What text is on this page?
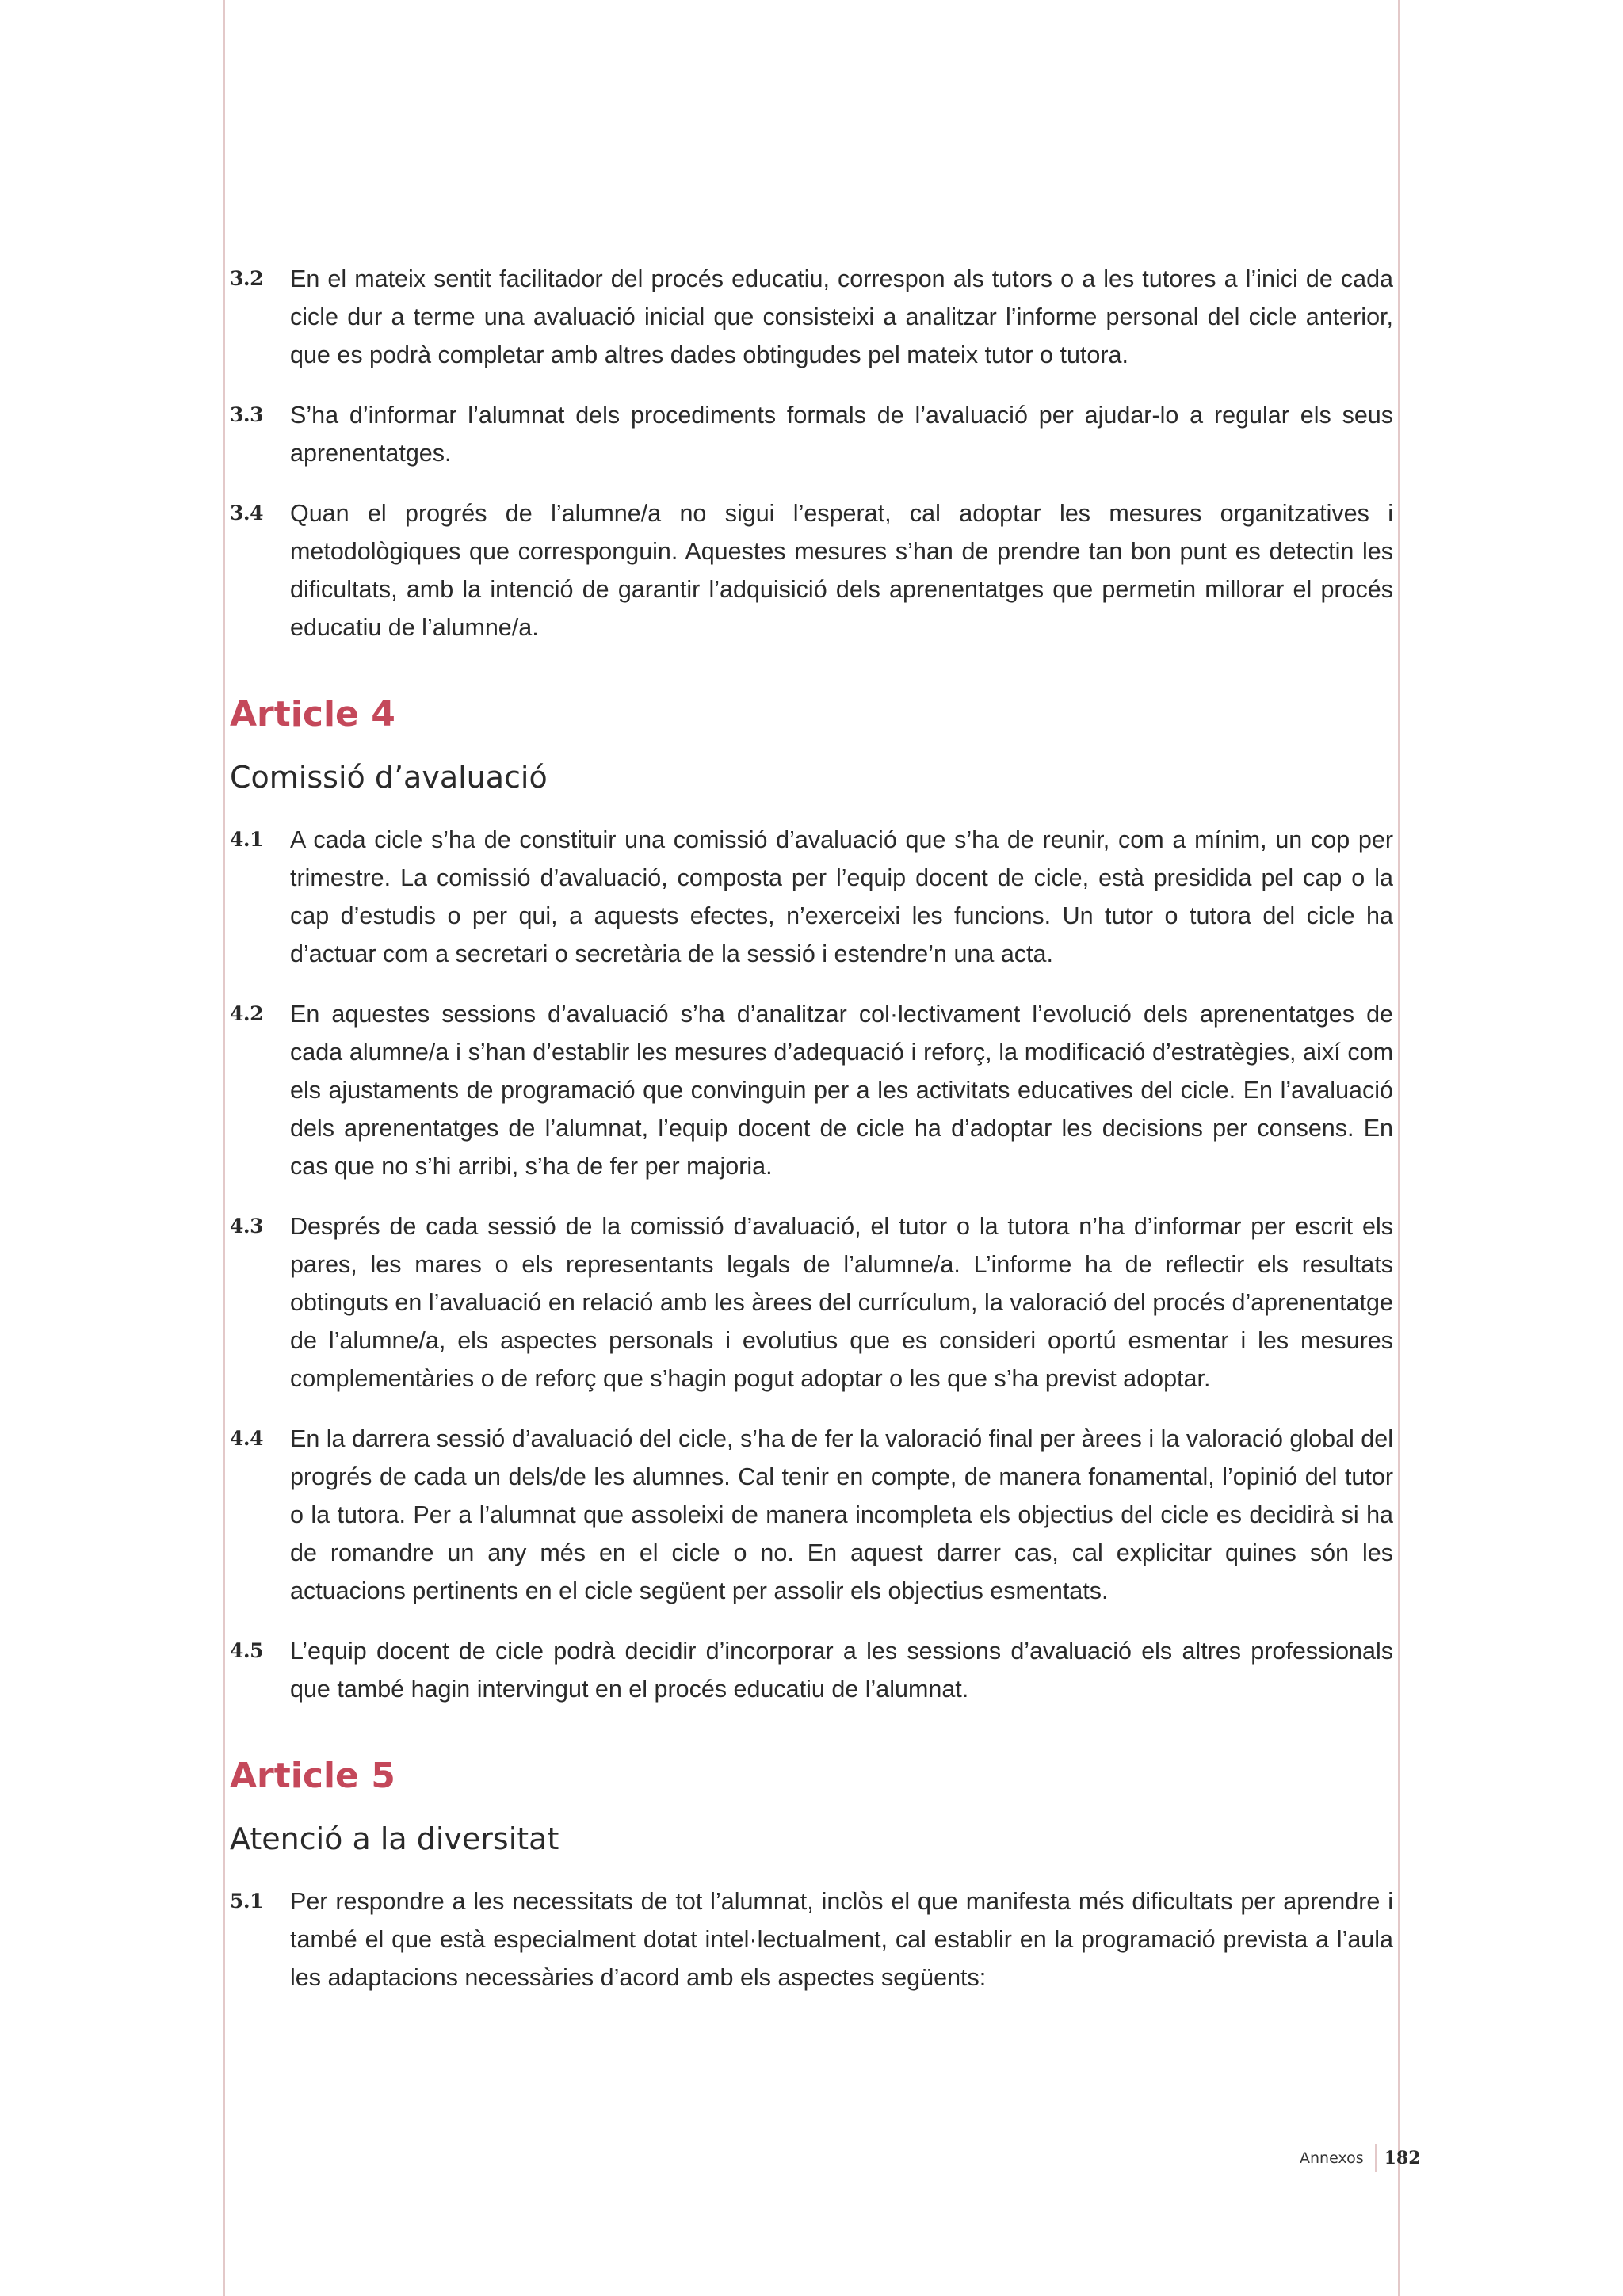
3.2 En el mateix sentit facilitador del procés educatiu, correspon als tutors o a les tutores a l’inici de cada cicle dur a terme una avaluació inicial que consisteixi a analitzar l’informe personal del cicle anterior, que es podrà completar amb altres dades obtingudes pel mateix tutor o tutora.
3.3 S’ha d’informar l’alumnat dels procediments formals de l’avaluació per ajudar-lo a regular els seus aprenentatges.
3.4 Quan el progrés de l’alumne/a no sigui l’esperat, cal adoptar les mesures organitzatives i metodològiques que corresponguin. Aquestes mesures s’han de prendre tan bon punt es detectin les dificultats, amb la intenció de garantir l’adquisició dels aprenentatges que permetin millorar el procés educatiu de l’alumne/a.
Article 4
Comissió d’avaluació
4.1 A cada cicle s’ha de constituir una comissió d’avaluació que s’ha de reunir, com a mínim, un cop per trimestre. La comissió d’avaluació, composta per l’equip docent de cicle, està presidida pel cap o la cap d’estudis o per qui, a aquests efectes, n’exerceixi les funcions. Un tutor o tutora del cicle ha d’actuar com a secretari o secretària de la sessió i estendre’n una acta.
4.2 En aquestes sessions d’avaluació s’ha d’analitzar col·lectivament l’evolució dels aprenentatges de cada alumne/a i s’han d’establir les mesures d’adequació i reforç, la modificació d’estratègies, així com els ajustaments de programació que convinguin per a les activitats educatives del cicle. En l’avaluació dels aprenentatges de l’alumnat, l’equip docent de cicle ha d’adoptar les decisions per consens. En cas que no s’hi arribi, s’ha de fer per majoria.
4.3 Després de cada sessió de la comissió d’avaluació, el tutor o la tutora n’ha d’informar per escrit els pares, les mares o els representants legals de l’alumne/a. L’informe ha de reflectir els resultats obtinguts en l’avaluació en relació amb les àrees del currículum, la valoració del procés d’aprenentatge de l’alumne/a, els aspectes personals i evolutius que es consideri oportú esmentar i les mesures complementàries o de reforç que s’hagin pogut adoptar o les que s’ha previst adoptar.
4.4 En la darrera sessió d’avaluació del cicle, s’ha de fer la valoració final per àrees i la valoració global del progrés de cada un dels/de les alumnes. Cal tenir en compte, de manera fonamental, l’opinió del tutor o la tutora. Per a l’alumnat que assoleixi de manera incompleta els objectius del cicle es decidirà si ha de romandre un any més en el cicle o no. En aquest darrer cas, cal explicitar quines són les actuacions pertinents en el cicle següent per assolir els objectius esmentats.
4.5 L’equip docent de cicle podrà decidir d’incorporar a les sessions d’avaluació els altres professionals que també hagin intervingut en el procés educatiu de l’alumnat.
Article 5
Atenció a la diversitat
5.1 Per respondre a les necessitats de tot l’alumnat, inclòs el que manifesta més dificultats per aprendre i també el que està especialment dotat intel·lectualment, cal establir en la programació prevista a l’aula les adaptacions necessàries d’acord amb els aspectes següents:
Annexos 182
